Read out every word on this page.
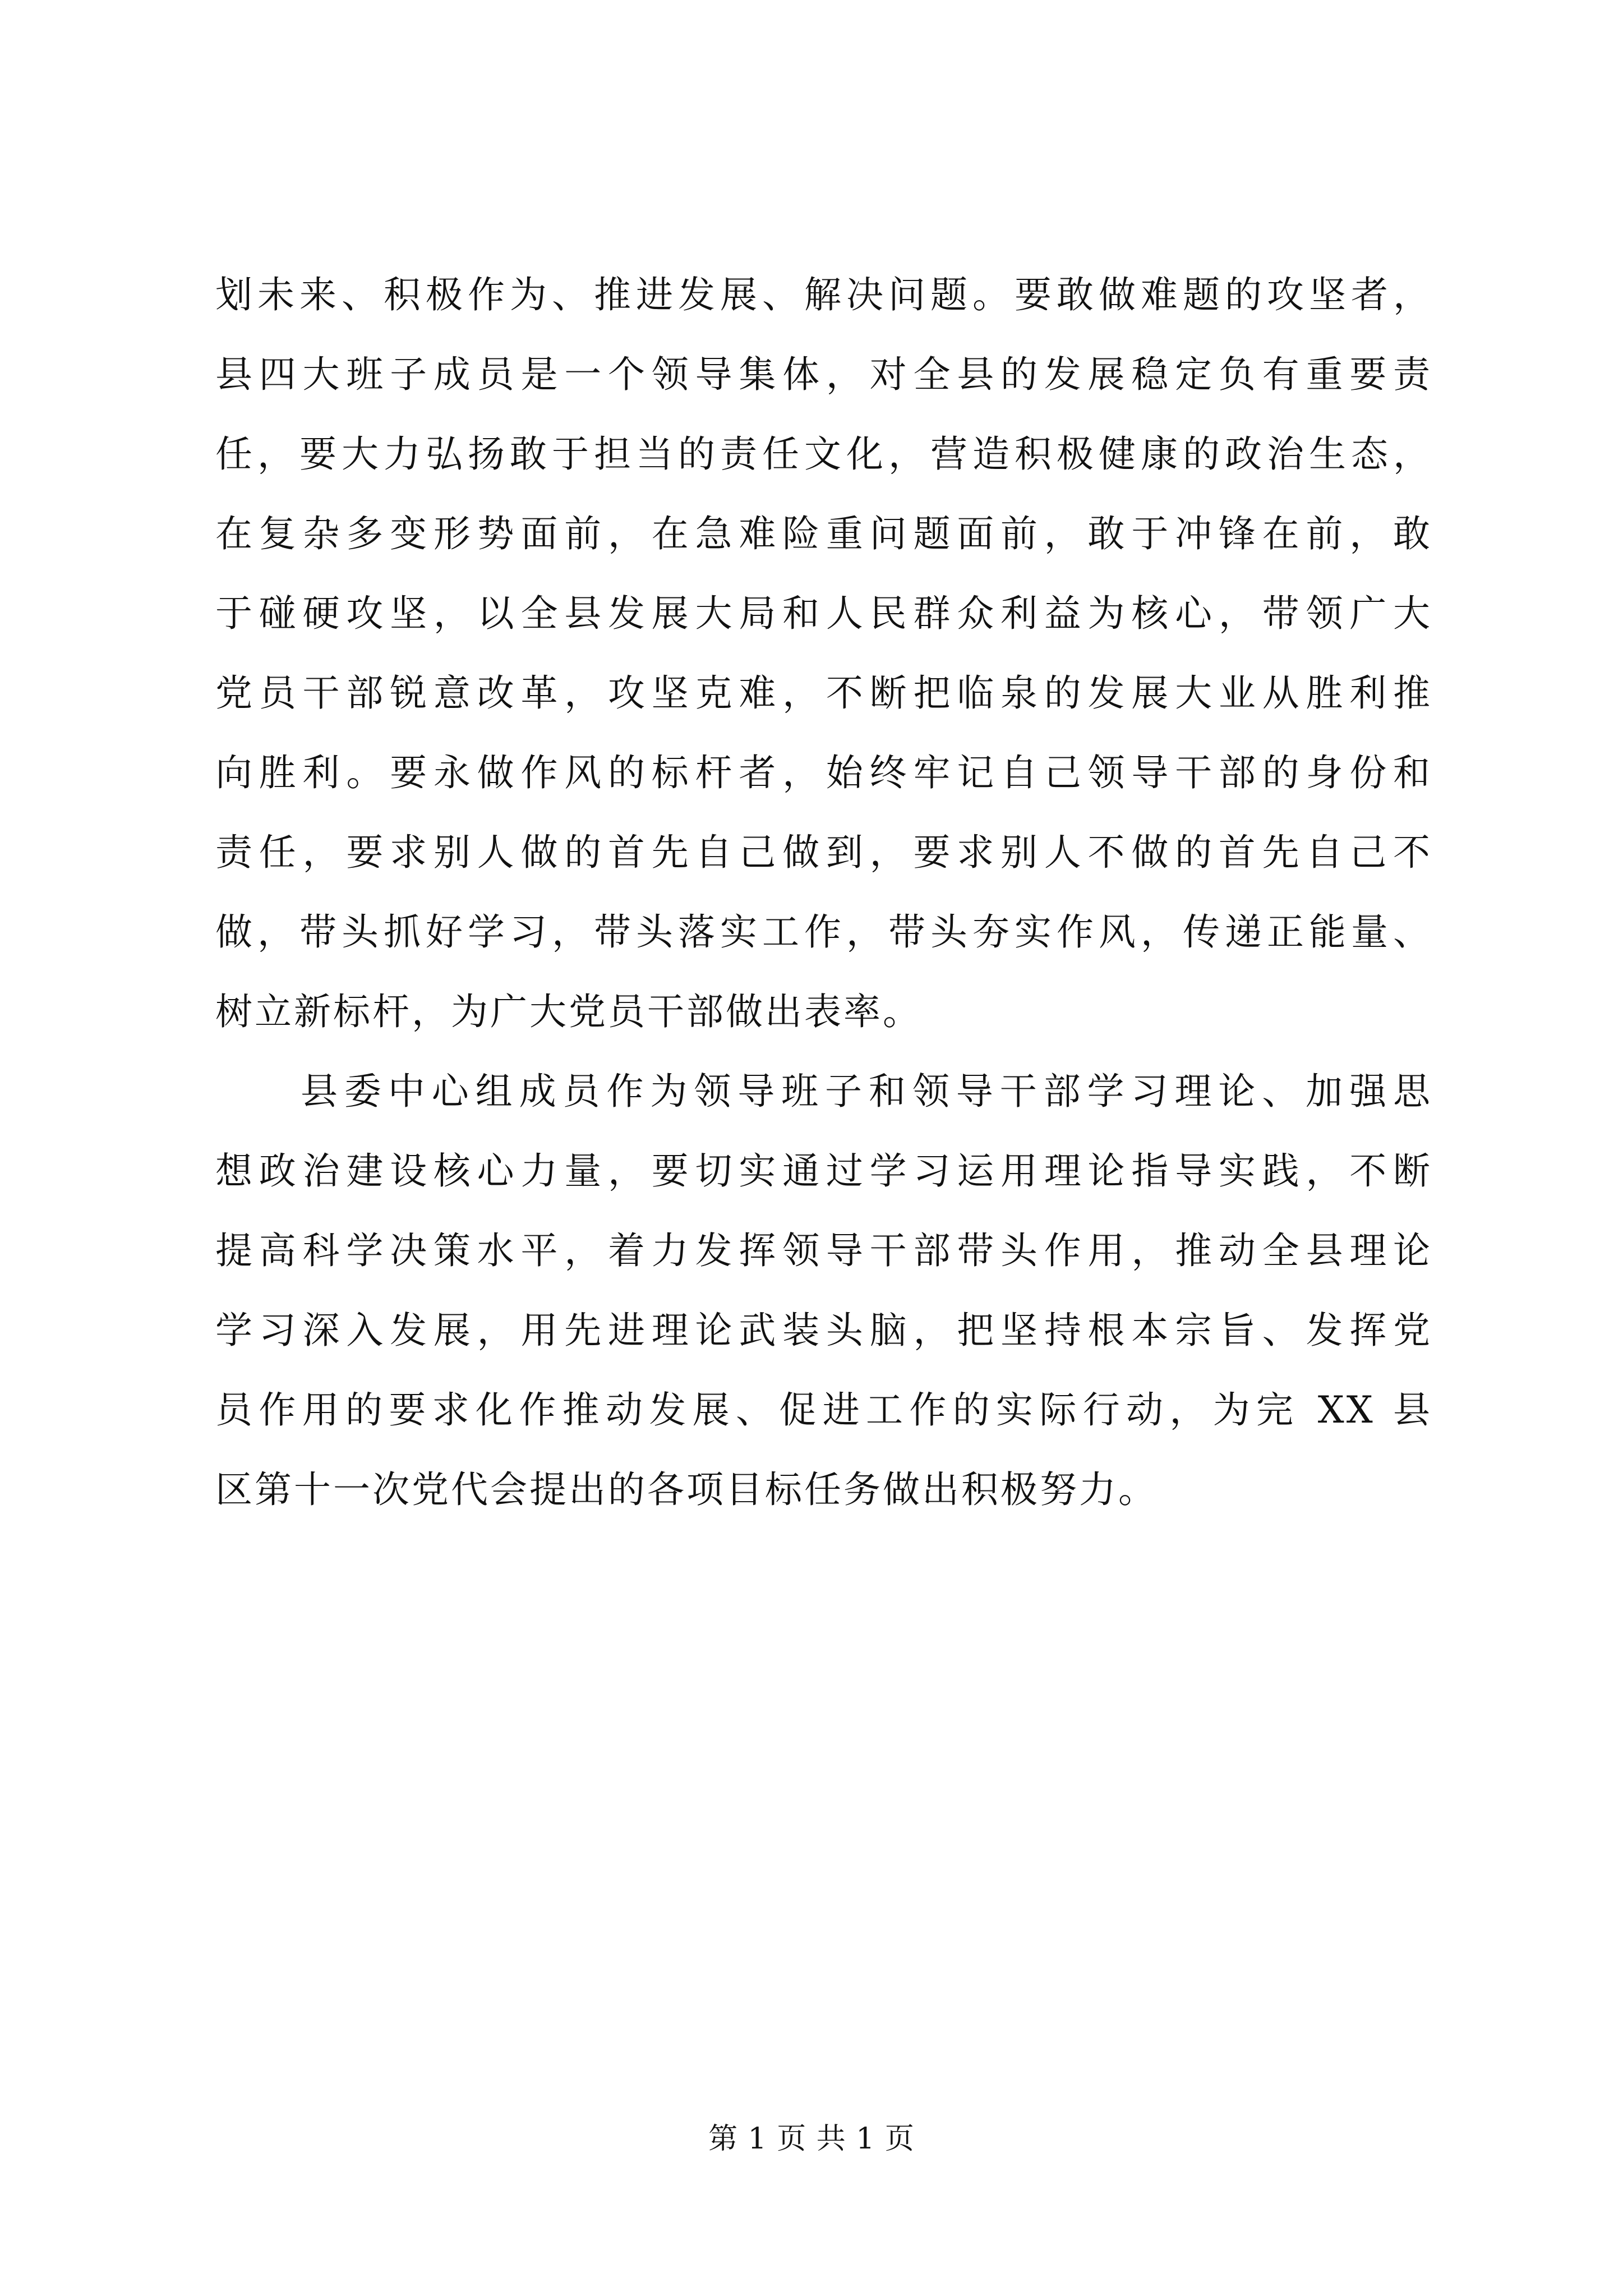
划未来、积极作为、推进发展、解决问题。要敢做难题的攻坚者，
县四大班子成员是一个领导集体，对全县的发展稳定负有重要责
任，要大力弘扬敢于担当的责任文化，营造积极健康的政治生态，
在复杂多变形势面前，在急难险重问题面前，敢于冲锋在前，敢
于碰硬攻坚，以全县发展大局和人民群众利益为核心，带领广大
党员干部锐意改革，攻坚克难，不断把临泉的发展大业从胜利推
向胜利。要永做作风的标杆者，始终牢记自己领导干部的身份和
责任，要求别人做的首先自己做到，要求别人不做的首先自己不
做，带头抓好学习，带头落实工作，带头夯实作风，传递正能量、
树立新标杆，为广大党员干部做出表率。
县委中心组成员作为领导班子和领导干部学习理论、加强思
想政治建设核心力量，要切实通过学习运用理论指导实践，不断
提高科学决策水平，着力发挥领导干部带头作用，推动全县理论
学习深入发展，用先进理论武装头脑，把坚持根本宗旨、发挥党
员作用的要求化作推动发展、促进工作的实际行动，为完 XX 县
区第十一次党代会提出的各项目标任务做出积极努力。
第 1 页 共 1 页
